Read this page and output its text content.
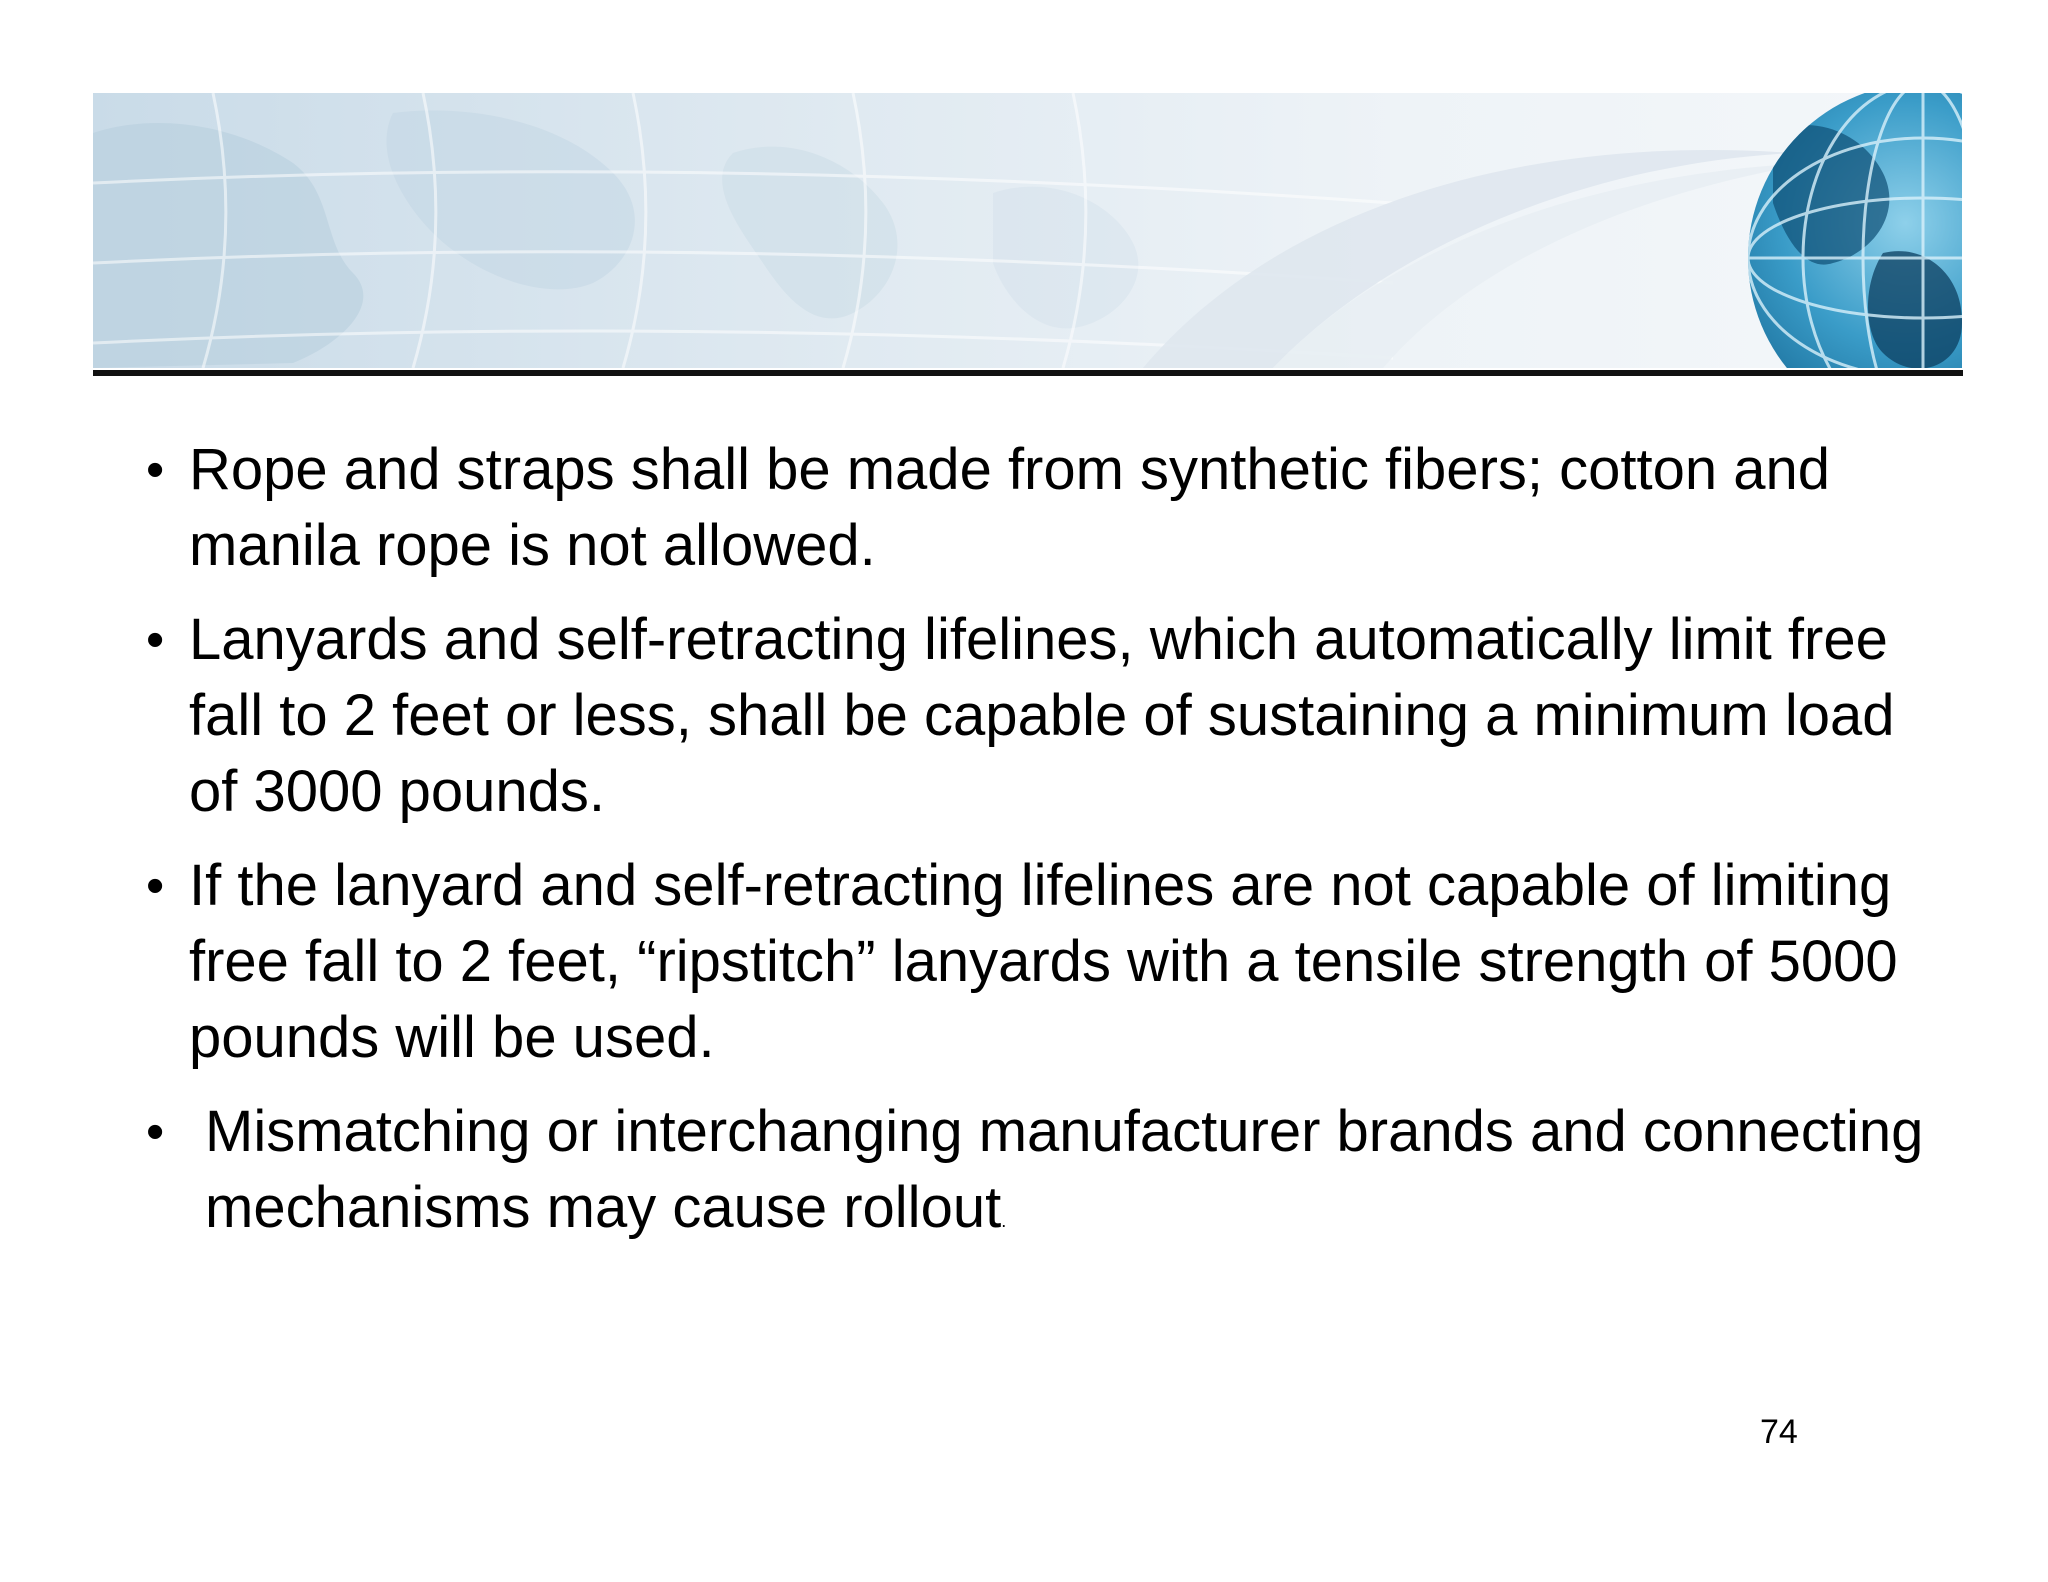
• Rope and straps shall be made from synthetic fibers; cotton and manila rope is not allowed.
• Lanyards and self-retracting lifelines, which automatically limit free fall to 2 feet or less, shall be capable of sustaining a minimum load of 3000 pounds.
• If the lanyard and self-retracting lifelines are not capable of limiting free fall to 2 feet, “ripstitch” lanyards with a tensile strength of 5000 pounds will be used.
• Mismatching or interchanging manufacturer brands and connecting mechanisms may cause rollout.
74
